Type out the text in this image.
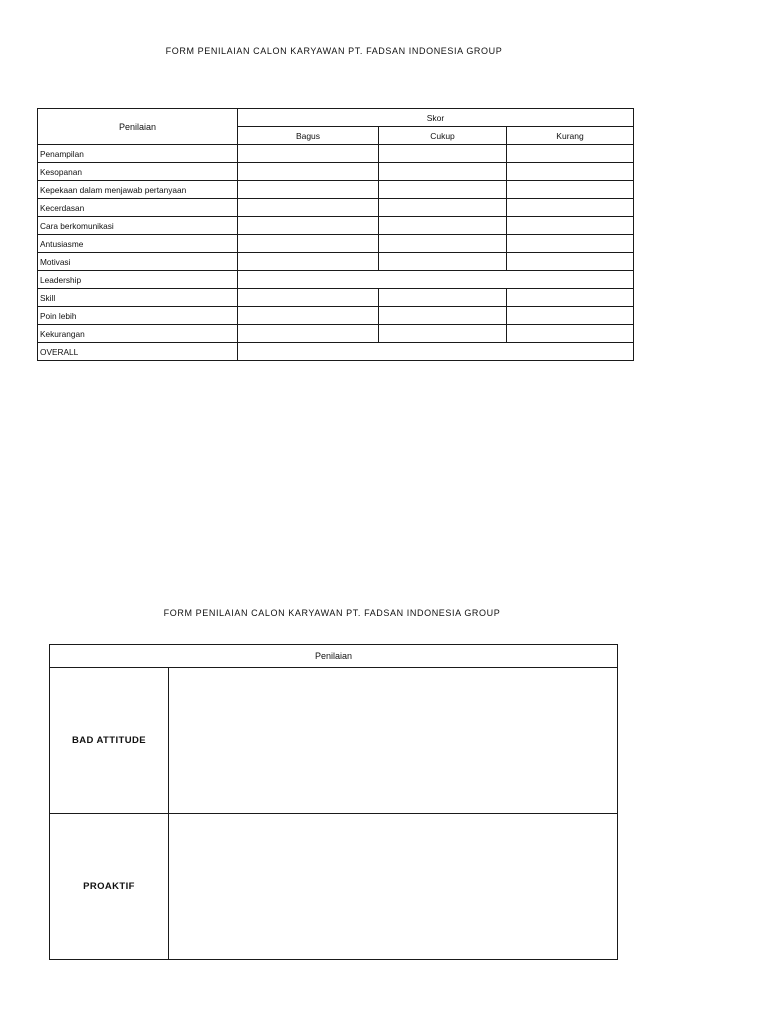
FORM PENILAIAN CALON KARYAWAN PT. FADSAN INDONESIA GROUP
Penilaian	Skor		
	Bagus	Cukup	Kurang
Penampilan			
Kesopanan			
Kepekaan dalam menjawab pertanyaan			
Kecerdasan			
Cara berkomunikasi			
Antusiasme			
Motivasi			
Leadership			
Skill			
Poin lebih			
Kekurangan			
OVERALL			
FORM PENILAIAN CALON KARYAWAN PT. FADSAN INDONESIA GROUP
Penilaian	
BAD ATTITUDE	
PROAKTIF	
